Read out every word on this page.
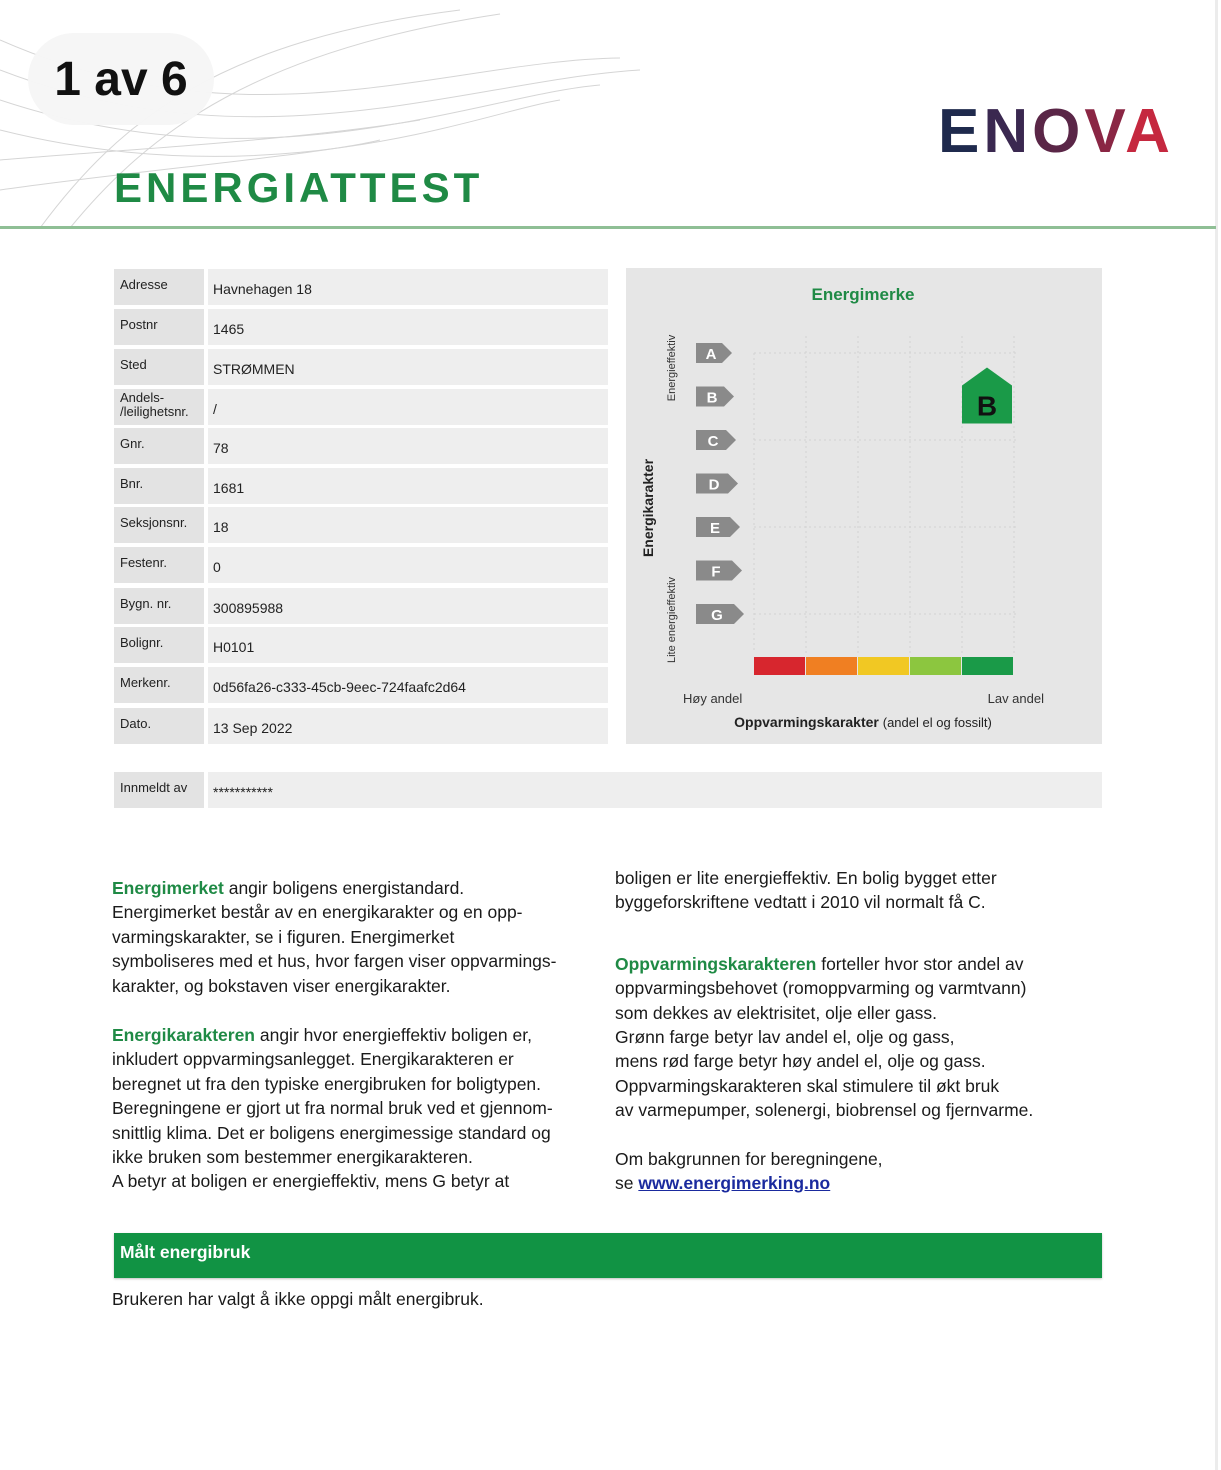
1 av 6
ENOVA
ENERGIATTEST
Adresse	Havnehagen 18
Postnr	1465
Sted	STRØMMEN
Andels- /leilighetsnr.	/
Gnr.	78
Bnr.	1681
Seksjonsnr.	18
Festenr.	0
Bygn. nr.	300895988
Bolignr.	H0101
Merkenr.	0d56fa26-c333-45cb-9eec-724faafc2d64
Dato.	13 Sep 2022
Innmeldt av	***********
Energimerke
Energikarakter
Energieffektiv
Lite energieffektiv
A
B
C
D
E
F
G
B
Høy andel	Lav andel
Oppvarmingskarakter (andel el og fossilt)

Energimerket angir boligens energistandard.
Energimerket består av en energikarakter og en opp-
varmingskarakter, se i figuren. Energimerket
symboliseres med et hus, hvor fargen viser oppvarmings-
karakter, og bokstaven viser energikarakter.

Energikarakteren angir hvor energieffektiv boligen er,
inkludert oppvarmingsanlegget. Energikarakteren er
beregnet ut fra den typiske energibruken for boligtypen.
Beregningene er gjort ut fra normal bruk ved et gjennom-
snittlig klima. Det er boligens energimessige standard og
ikke bruken som bestemmer energikarakteren.
A betyr at boligen er energieffektiv, mens G betyr at

boligen er lite energieffektiv. En bolig bygget etter
byggeforskriftene vedtatt i 2010 vil normalt få C.

Oppvarmingskarakteren forteller hvor stor andel av
oppvarmingsbehovet (romoppvarming og varmtvann)
som dekkes av elektrisitet, olje eller gass.
Grønn farge betyr lav andel el, olje og gass,
mens rød farge betyr høy andel el, olje og gass.
Oppvarmingskarakteren skal stimulere til økt bruk
av varmepumper, solenergi, biobrensel og fjernvarme.

Om bakgrunnen for beregningene,
se www.energimerking.no

Målt energibruk
Brukeren har valgt å ikke oppgi målt energibruk.
